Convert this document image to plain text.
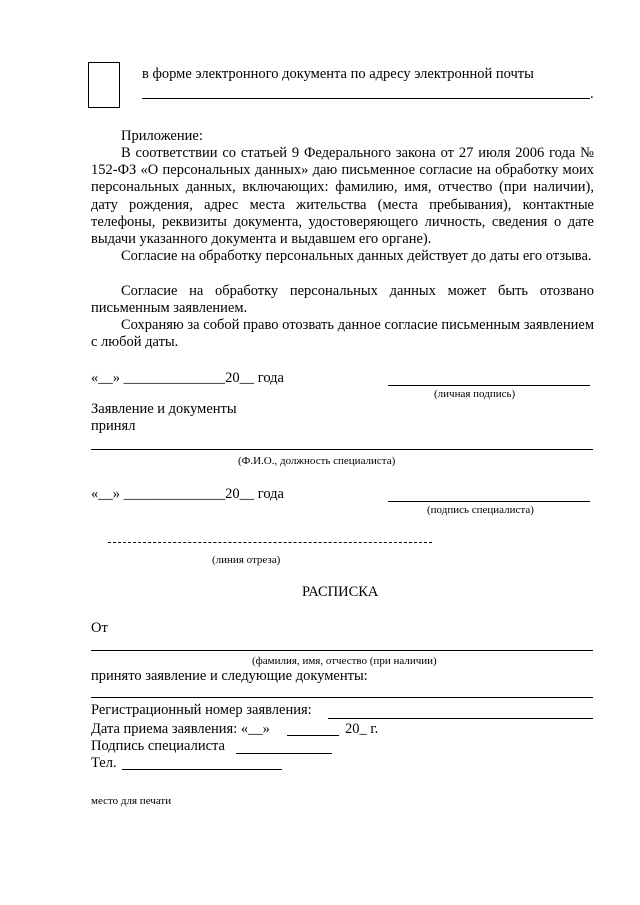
в форме электронного документа по адресу электронной почты
.
Приложение:
В соответствии со статьей 9 Федерального закона от 27 июля 2006 года № 152-ФЗ «О персональных данных» даю письменное согласие на обработку моих персональных данных, включающих: фамилию, имя, отчество (при наличии), дату рождения, адрес места жительства (места пребывания), контактные телефоны, реквизиты документа, удостоверяющего личность, сведения о дате выдачи указанного документа и выдавшем его органе).
Согласие на обработку персональных данных действует до даты его отзыва.
Согласие на обработку персональных данных может быть отозвано письменным заявлением.
Сохраняю за собой право отозвать данное согласие письменным заявлением с любой даты.
«__» ______________20__ года
(личная подпись)
Заявление и документы
принял
(Ф.И.О., должность специалиста)
«__» ______________20__ года
(подпись специалиста)
(линия отреза)
РАСПИСКА
От
(фамилия, имя, отчество (при наличии)
принято заявление и следующие документы:
Регистрационный номер заявления:
Дата приема заявления: «__»	20_ г.
Подпись специалиста
Тел.
место для печати
